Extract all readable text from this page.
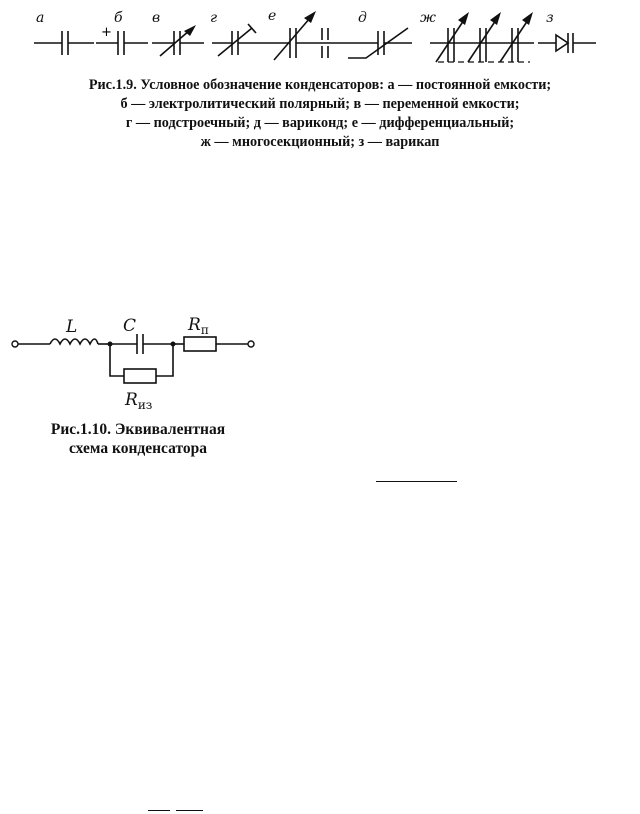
а	б
+
в	г	е	д	ж	з
Рис.1.9. Условное обозначение конденсаторов: а — постоянной емкости;
б — электролитический полярный; в — переменной емкости;
г — подстроечный; д — вариконд; е — дифференциальный;
ж — многосекционный; з — варикап
L	C	$R_п$
$R_{из}$
Рис.1.10. Эквивалентная
схема конденсатора
